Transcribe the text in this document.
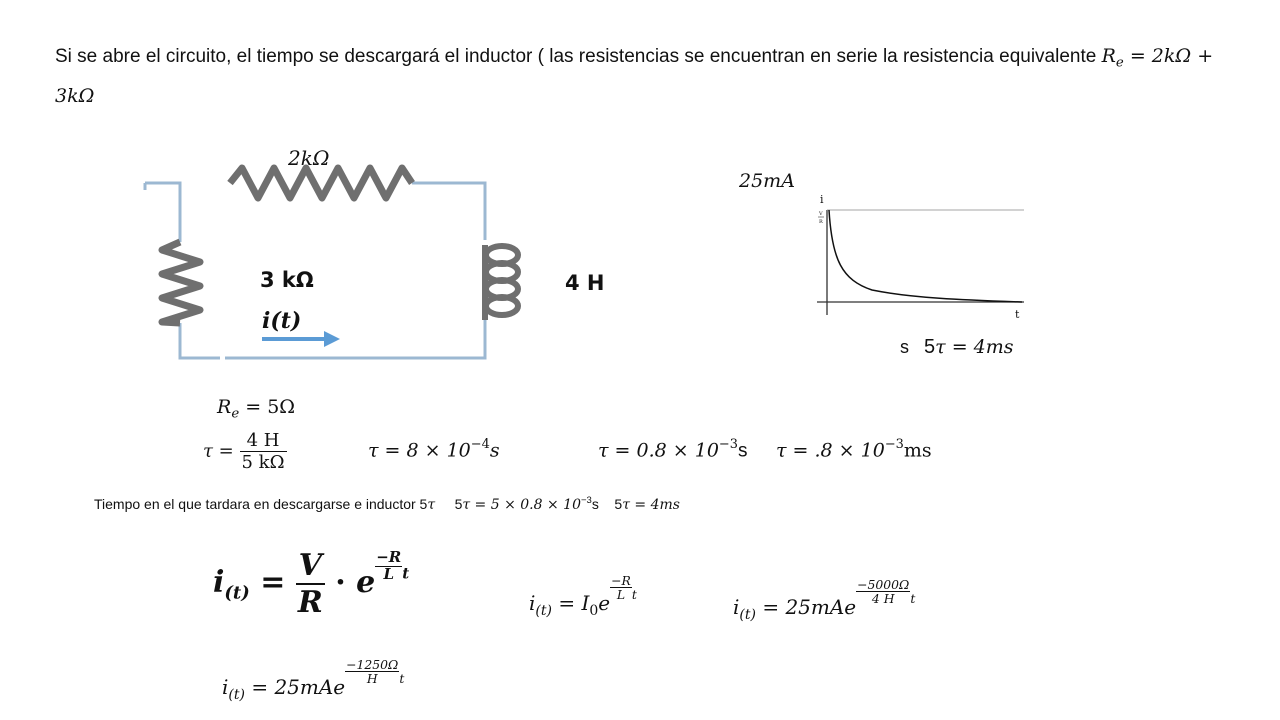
Si se abre el circuito, el tiempo se descargará el inductor ( las resistencias se encuentran en serie la resistencia equivalente $R_e = 2k\Omega + 3k\Omega$
2kΩ
3 kΩ	4 H
i(t)
25mA
i
V
R
t
s 5τ = 4ms
$R_e = 5\Omega$
$\tau = \frac{4 H}{5 k\Omega}$	$\tau = 8 \times 10^{-4}s$	$\tau = 0.8 \times 10^{-3}s$ $\tau = .8 \times 10^{-3}ms$
Tiempo en el que tardara en descargarse e inductor 5τ $5\tau = 5 \times 0.8 \times 10^{-3}s$ 5τ = 4ms
$i_{(t)} = \frac{V}{R} \cdot e \frac{-R}{L} ^t$
$i_{(t)} = I_0e$
$\frac{-R}{L} ^t$
$i_{(t)} = 25mAe$
$\frac{-5000\Omega}{4 H} ^t$
$i_{(t)} = 25mAe$
$\frac{-1250\Omega}{H} ^t$
